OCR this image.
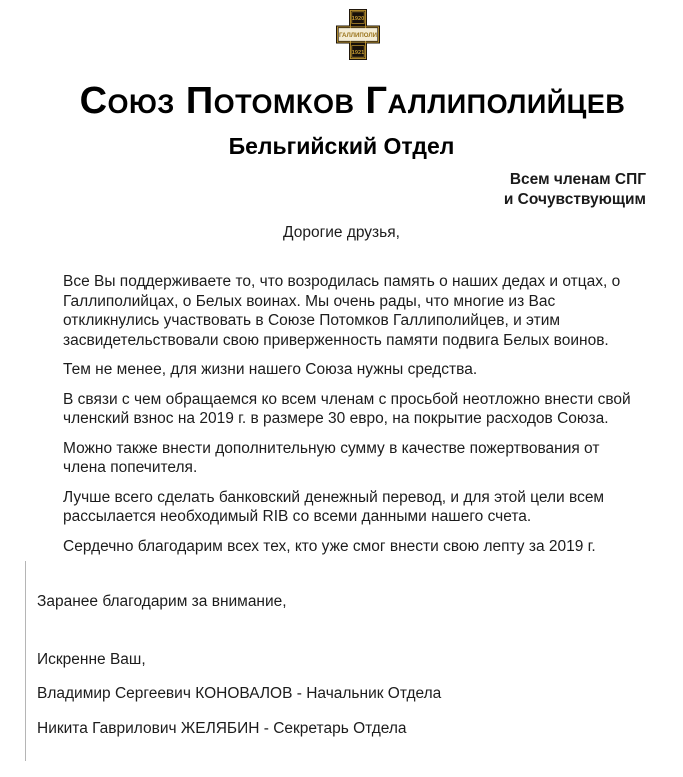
1920
ГАЛЛИПОЛИ
1921
Союз Потомков Галлиполийцев
Бельгийский Отдел
Всем членам СПГ
и Сочувствующим
Дорогие друзья,

Все Вы поддерживаете то, что возродилась память о наших дедах и отцах, о Галлиполийцах, о Белых воинах. Мы очень рады, что многие из Вас откликнулись участвовать в Союзе Потомков Галлиполийцев, и этим засвидетельствовали свою приверженность памяти подвига Белых воинов.

Тем не менее, для жизни нашего Союза нужны средства.

В связи с чем обращаемся ко всем членам с просьбой неотложно внести свой членский взнос на 2019 г. в размере 30 евро, на покрытие расходов Союза.

Можно также внести дополнительную сумму в качестве пожертвования от члена попечителя.

Лучше всего сделать банковский денежный перевод, и для этой цели всем рассылается необходимый RIB со всеми данными нашего счета.

Сердечно благодарим всех тех, кто уже смог внести свою лепту за 2019 г.

Заранее благодарим за внимание,

Искренне Ваш,

Владимир Сергеевич КОНОВАЛОВ - Начальник Отдела

Никита Гаврилович ЖЕЛЯБИН - Секретарь Отдела
